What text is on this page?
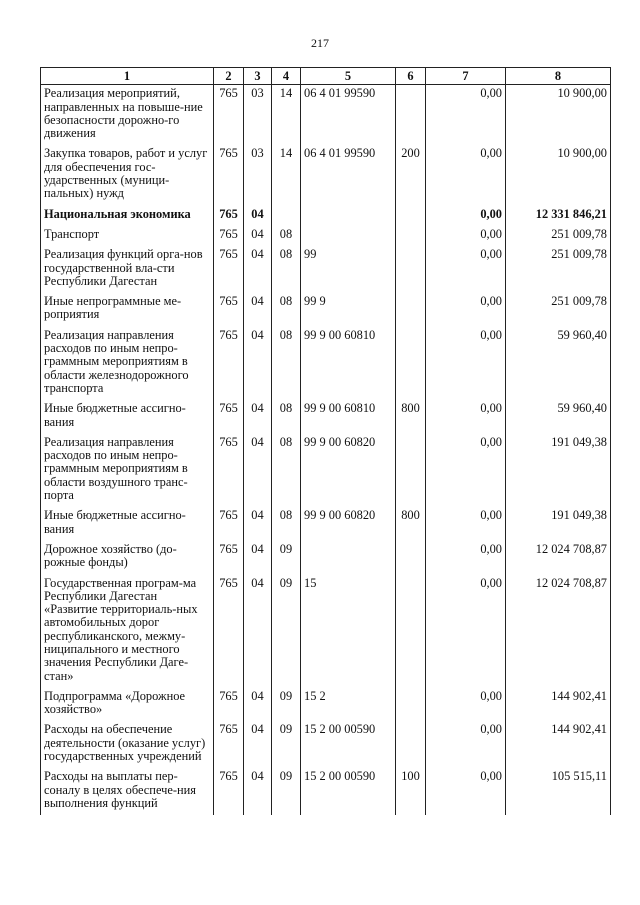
217
1	2	3	4	5	6	7	8
Реализация мероприятий, направленных на повыше-ние безопасности дорожно-го движения	765	03	14	06 4 01 99590		0,00	10 900,00
Закупка товаров, работ и услуг для обеспечения гос-ударственных (муници-пальных) нужд	765	03	14	06 4 01 99590	200	0,00	10 900,00
Национальная экономика	765	04				0,00	12 331 846,21
Транспорт	765	04	08			0,00	251 009,78
Реализация функций орга-нов государственной вла-сти Республики Дагестан	765	04	08	99		0,00	251 009,78
Иные непрограммные ме-роприятия	765	04	08	99 9		0,00	251 009,78
Реализация направления расходов по иным непро-граммным мероприятиям в области железнодорожного транспорта	765	04	08	99 9 00 60810		0,00	59 960,40
Иные бюджетные ассигно-вания	765	04	08	99 9 00 60810	800	0,00	59 960,40
Реализация направления расходов по иным непро-граммным мероприятиям в области воздушного транс-порта	765	04	08	99 9 00 60820		0,00	191 049,38
Иные бюджетные ассигно-вания	765	04	08	99 9 00 60820	800	0,00	191 049,38
Дорожное хозяйство (до-рожные фонды)	765	04	09			0,00	12 024 708,87
Государственная програм-ма Республики Дагестан «Развитие территориаль-ных автомобильных дорог республиканского, межму-ниципального и местного значения Республики Даге-стан»	765	04	09	15		0,00	12 024 708,87
Подпрограмма «Дорожное хозяйство»	765	04	09	15 2		0,00	144 902,41
Расходы на обеспечение деятельности (оказание услуг) государственных учреждений	765	04	09	15 2 00 00590		0,00	144 902,41
Расходы на выплаты пер-соналу в целях обеспече-ния выполнения функций	765	04	09	15 2 00 00590	100	0,00	105 515,11
